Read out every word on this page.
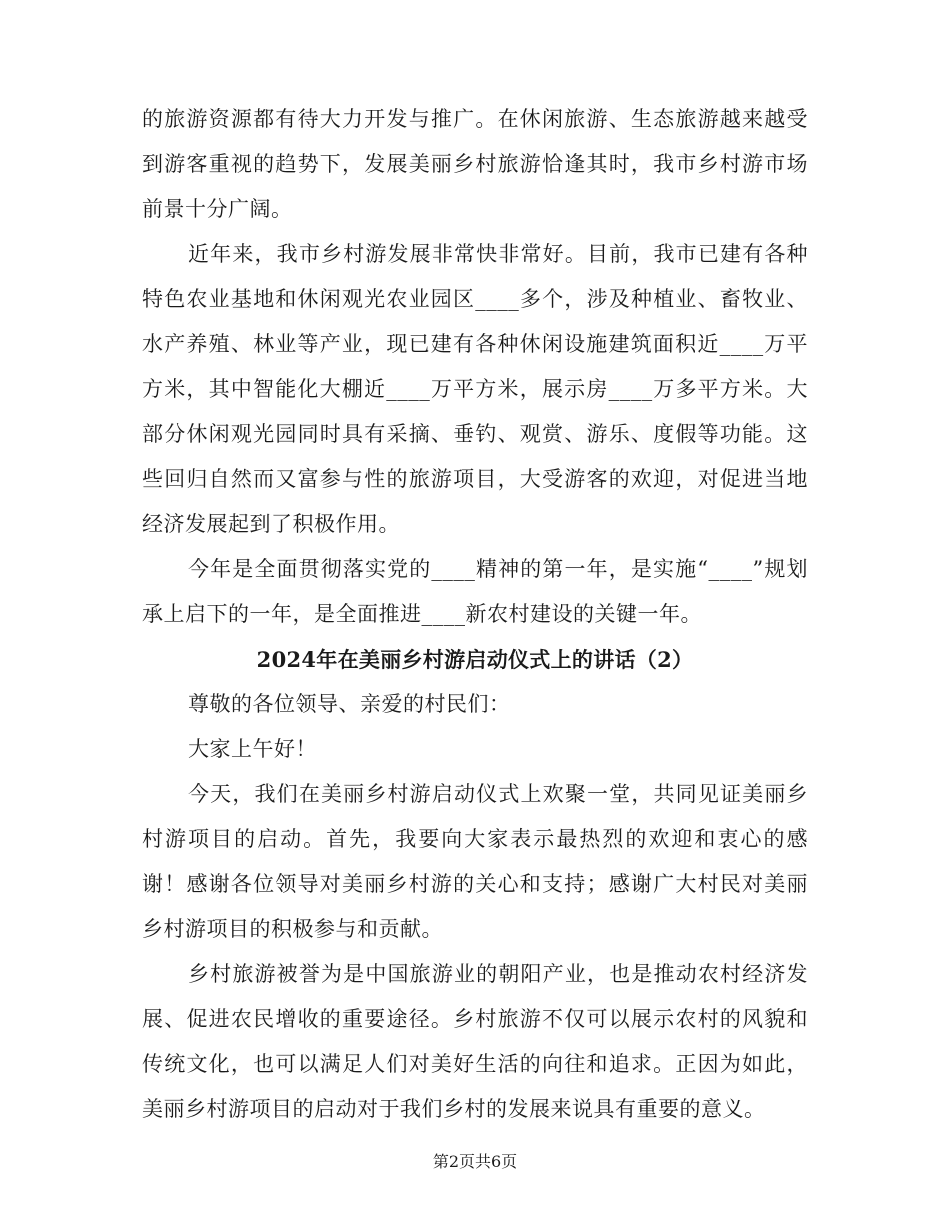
的旅游资源都有待大力开发与推广。在休闲旅游、生态旅游越来越受到游客重视的趋势下，发展美丽乡村旅游恰逢其时，我市乡村游市场前景十分广阔。

近年来，我市乡村游发展非常快非常好。目前，我市已建有各种特色农业基地和休闲观光农业园区____多个，涉及种植业、畜牧业、水产养殖、林业等产业，现已建有各种休闲设施建筑面积近____万平方米，其中智能化大棚近____万平方米，展示房____万多平方米。大部分休闲观光园同时具有采摘、垂钓、观赏、游乐、度假等功能。这些回归自然而又富参与性的旅游项目，大受游客的欢迎，对促进当地经济发展起到了积极作用。

今年是全面贯彻落实党的____精神的第一年，是实施“____”规划承上启下的一年，是全面推进____新农村建设的关键一年。

2024年在美丽乡村游启动仪式上的讲话（2）

尊敬的各位领导、亲爱的村民们：

大家上午好！

今天，我们在美丽乡村游启动仪式上欢聚一堂，共同见证美丽乡村游项目的启动。首先，我要向大家表示最热烈的欢迎和衷心的感谢！感谢各位领导对美丽乡村游的关心和支持；感谢广大村民对美丽乡村游项目的积极参与和贡献。

乡村旅游被誉为是中国旅游业的朝阳产业，也是推动农村经济发展、促进农民增收的重要途径。乡村旅游不仅可以展示农村的风貌和传统文化，也可以满足人们对美好生活的向往和追求。正因为如此，美丽乡村游项目的启动对于我们乡村的发展来说具有重要的意义。

第2页共6页
